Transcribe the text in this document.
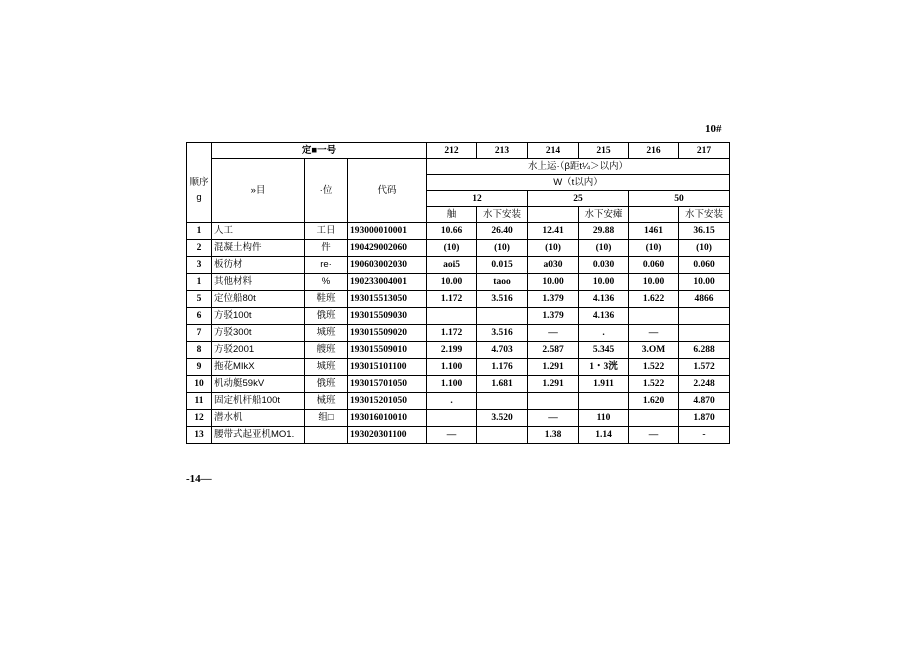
10#
	定■一号			212	213	214	215	216	217
顺序g	»目	·位	代码	水上运·（β距t¼＞以内）					
				W（t以内）					
				12		25		50	
				舳	水下安装		水下安瘫		水下安装
1	人工	工日	193000010001	10.66	26.40	12.41	29.88	1461	36.15
2	混凝土构件	件	190429002060	(10)	(10)	(10)	(10)	(10)	(10)
3	板彷材	re·	190603002030	aoi5	0.015	a030	0.030	0.060	0.060
1	其他材料	%	190233004001	10.00	taoo	10.00	10.00	10.00	10.00
5	定位船80t	鞋班	193015513050	1.172	3.516	1.379	4.136	1.622	4866
6	方驳100t	俄班	193015509030			1.379	4.136		
7	方驳300t	城班	193015509020	1.172	3.516	—	.	—	
8	方驳2001	艘班	193015509010	2.199	4.703	2.587	5.345	3.OM	6.288
9	拖花MIkX	城班	193015101100	1.100	1.176	1.291	1・3洸	1.522	1.572
10	机动艇59kV	俄班	193015701050	1.100	1.681	1.291	1.911	1.522	2.248
11	固定机杆船100t	械班	193015201050	.				1.620	4.870
12	潜水机	组□	193016010010		3.520	—	110		1.870
13	腰带式起亚机MO1.		193020301100	—		1.38	1.14	—	-
-14—
